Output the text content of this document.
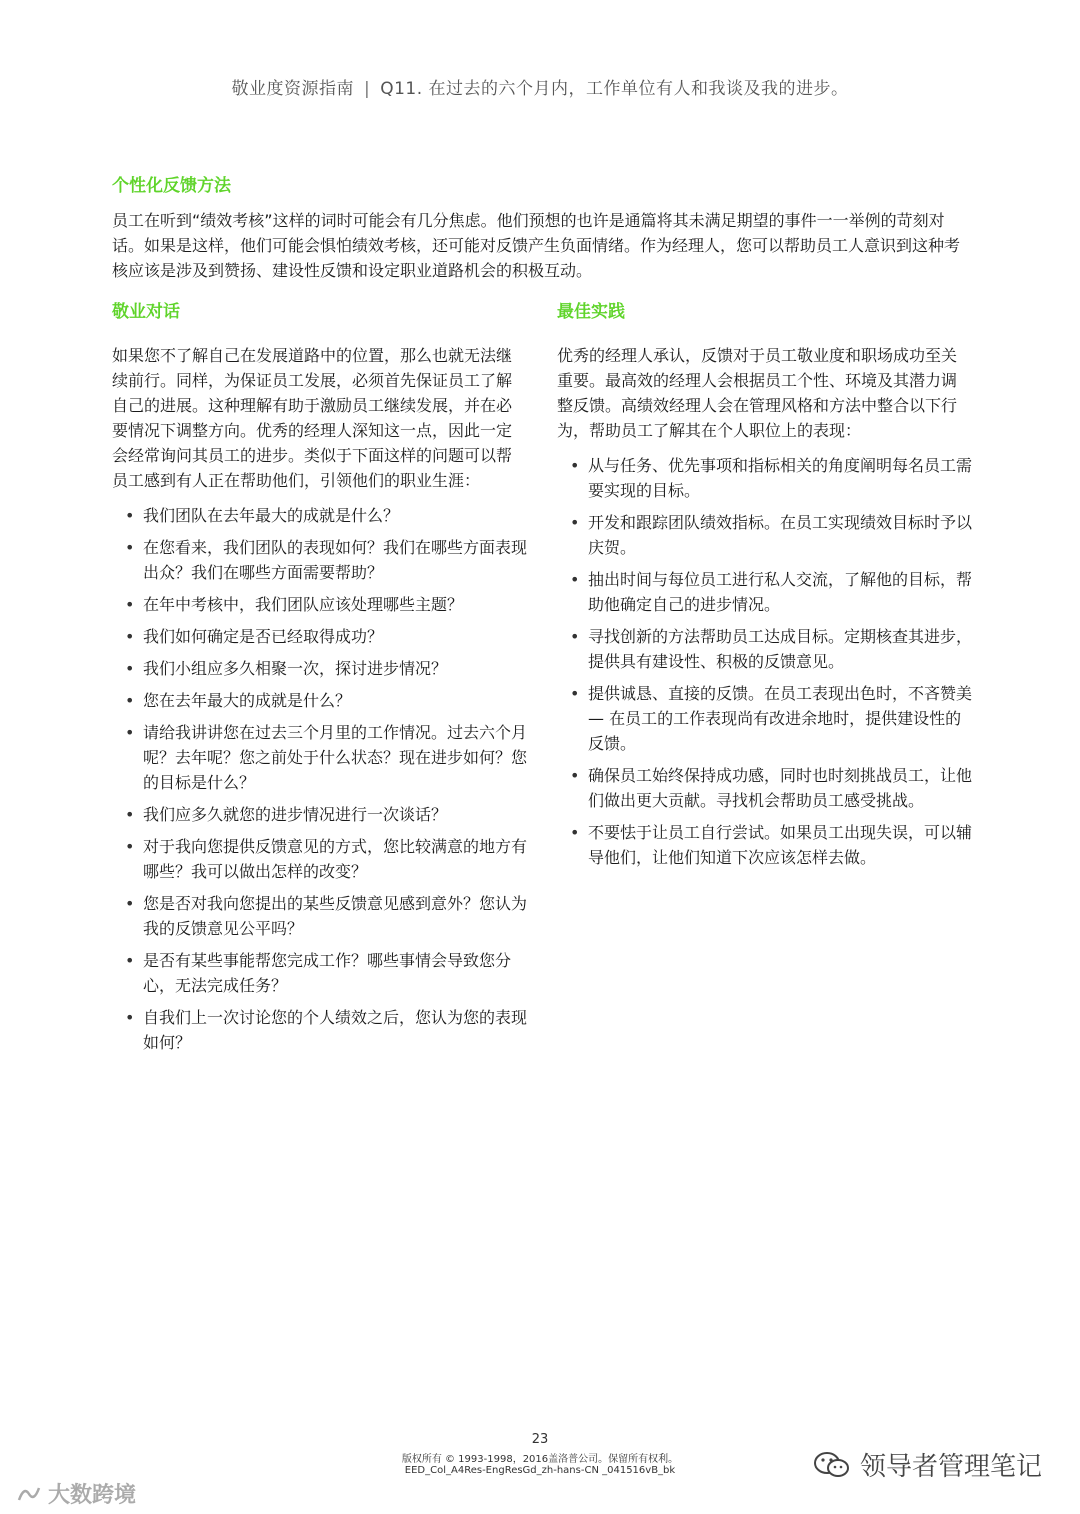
敬业度资源指南 | Q11. 在过去的六个月内，工作单位有人和我谈及我的进步。
个性化反馈方法

员工在听到“绩效考核”这样的词时可能会有几分焦虑。他们预想的也许是通篇将其未满足期望的事件一一举例的苛刻对话。如果是这样，他们可能会惧怕绩效考核，还可能对反馈产生负面情绪。作为经理人，您可以帮助员工人意识到这种考核应该是涉及到赞扬、建设性反馈和设定职业道路机会的积极互动。

敬业对话

如果您不了解自己在发展道路中的位置，那么也就无法继续前行。同样，为保证员工发展，必须首先保证员工了解自己的进展。这种理解有助于激励员工继续发展，并在必要情况下调整方向。优秀的经理人深知这一点，因此一定会经常询问其员工的进步。类似于下面这样的问题可以帮员工感到有人正在帮助他们，引领他们的职业生涯：

• 我们团队在去年最大的成就是什么？
• 在您看来，我们团队的表现如何？我们在哪些方面表现出众？我们在哪些方面需要帮助？
• 在年中考核中，我们团队应该处理哪些主题？
• 我们如何确定是否已经取得成功？
• 我们小组应多久相聚一次，探讨进步情况？
• 您在去年最大的成就是什么？
• 请给我讲讲您在过去三个月里的工作情况。过去六个月呢？去年呢？您之前处于什么状态？现在进步如何？您的目标是什么？
• 我们应多久就您的进步情况进行一次谈话？
• 对于我向您提供反馈意见的方式，您比较满意的地方有哪些？我可以做出怎样的改变？
• 您是否对我向您提出的某些反馈意见感到意外？您认为我的反馈意见公平吗？
• 是否有某些事能帮您完成工作？哪些事情会导致您分心，无法完成任务？
• 自我们上一次讨论您的个人绩效之后，您认为您的表现如何？
最佳实践

优秀的经理人承认，反馈对于员工敬业度和职场成功至关重要。最高效的经理人会根据员工个性、环境及其潜力调整反馈。高绩效经理人会在管理风格和方法中整合以下行为，帮助员工了解其在个人职位上的表现：

• 从与任务、优先事项和指标相关的角度阐明每名员工需要实现的目标。
• 开发和跟踪团队绩效指标。在员工实现绩效目标时予以庆贺。
• 抽出时间与每位员工进行私人交流，了解他的目标，帮助他确定自己的进步情况。
• 寻找创新的方法帮助员工达成目标。定期核查其进步，提供具有建设性、积极的反馈意见。
• 提供诚恳、直接的反馈。在员工表现出色时，不吝赞美 — 在员工的工作表现尚有改进余地时，提供建设性的反馈。
• 确保员工始终保持成功感，同时也时刻挑战员工，让他们做出更大贡献。寻找机会帮助员工感受挑战。
• 不要怯于让员工自行尝试。如果员工出现失误，可以辅导他们，让他们知道下次应该怎样去做。
23
版权所有 © 1993-1998，2016盖洛普公司。保留所有权利。
EED_Col_A4Res-EngResGd_zh-hans-CN _041516vB_bk
大数跨境
领导者管理笔记
